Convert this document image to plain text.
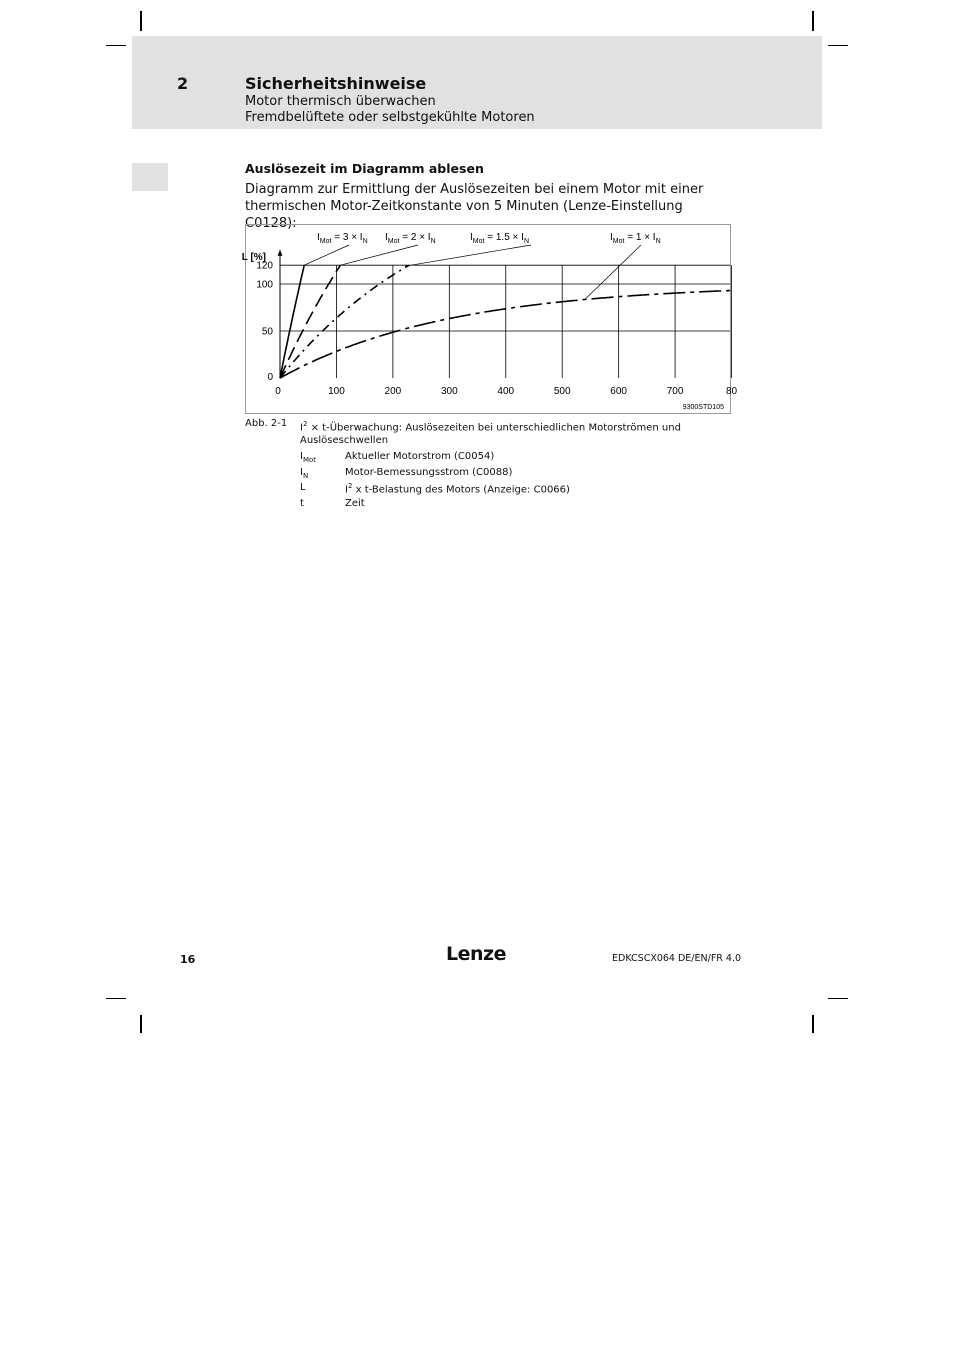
2	Sicherheitshinweise
Motor thermisch überwachen
Fremdbelüftete oder selbstgekühlte Motoren
Auslösezeit im Diagramm ablesen
Diagramm zur Ermittlung der Auslösezeiten bei einem Motor mit einer thermischen Motor-Zeitkonstante von 5 Minuten (Lenze-Einstellung C0128):
L [%]
0	100	200	300	400	500	600	700	80
0
50
100
120
$I_{Mot} = 3 \times I_N$ $I_{Mot} = 2 \times I_N$	$I_{Mot} = 1.5 \times I_N$	$I_{Mot} = 1 \times I_N$
9300STD105
Abb. 2-1 $I^2$ × t-Überwachung: Auslösezeiten bei unterschiedlichen Motorströmen und Auslöseschwellen
$I_{Mot}$	Aktueller Motorstrom (C0054)
$I_N$	Motor-Bemessungsstrom (C0088)
L	$I^2$ x t-Belastung des Motors (Anzeige: C0066)
t	Zeit
16	Lenze	EDKCSCX064 DE/EN/FR 4.0
